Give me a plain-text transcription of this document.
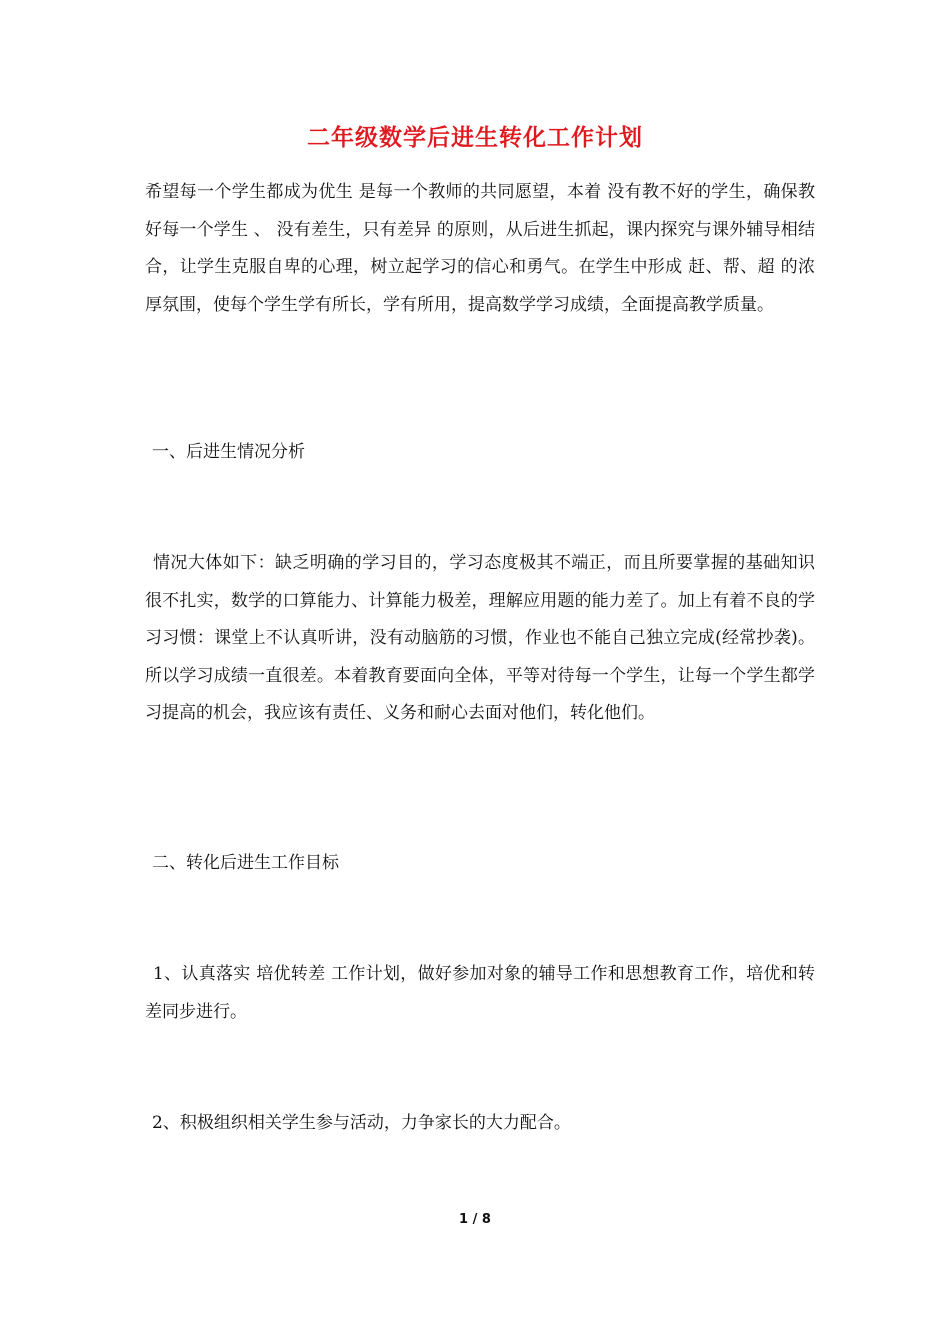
二年级数学后进生转化工作计划

希望每一个学生都成为优生 是每一个教师的共同愿望，本着 没有教不好的学生，确保教好每一个学生 、 没有差生，只有差异 的原则，从后进生抓起，课内探究与课外辅导相结合，让学生克服自卑的心理，树立起学习的信心和勇气。在学生中形成 赶、帮、超 的浓厚氛围，使每个学生学有所长，学有所用，提高数学学习成绩，全面提高教学质量。

一、后进生情况分析

情况大体如下：缺乏明确的学习目的，学习态度极其不端正，而且所要掌握的基础知识很不扎实，数学的口算能力、计算能力极差，理解应用题的能力差了。加上有着不良的学习习惯：课堂上不认真听讲，没有动脑筋的习惯，作业也不能自己独立完成(经常抄袭)。所以学习成绩一直很差。本着教育要面向全体，平等对待每一个学生，让每一个学生都学习提高的机会，我应该有责任、义务和耐心去面对他们，转化他们。

二、转化后进生工作目标

1、认真落实 培优转差 工作计划，做好参加对象的辅导工作和思想教育工作，培优和转差同步进行。

2、积极组织相关学生参与活动，力争家长的大力配合。

1 / 8
